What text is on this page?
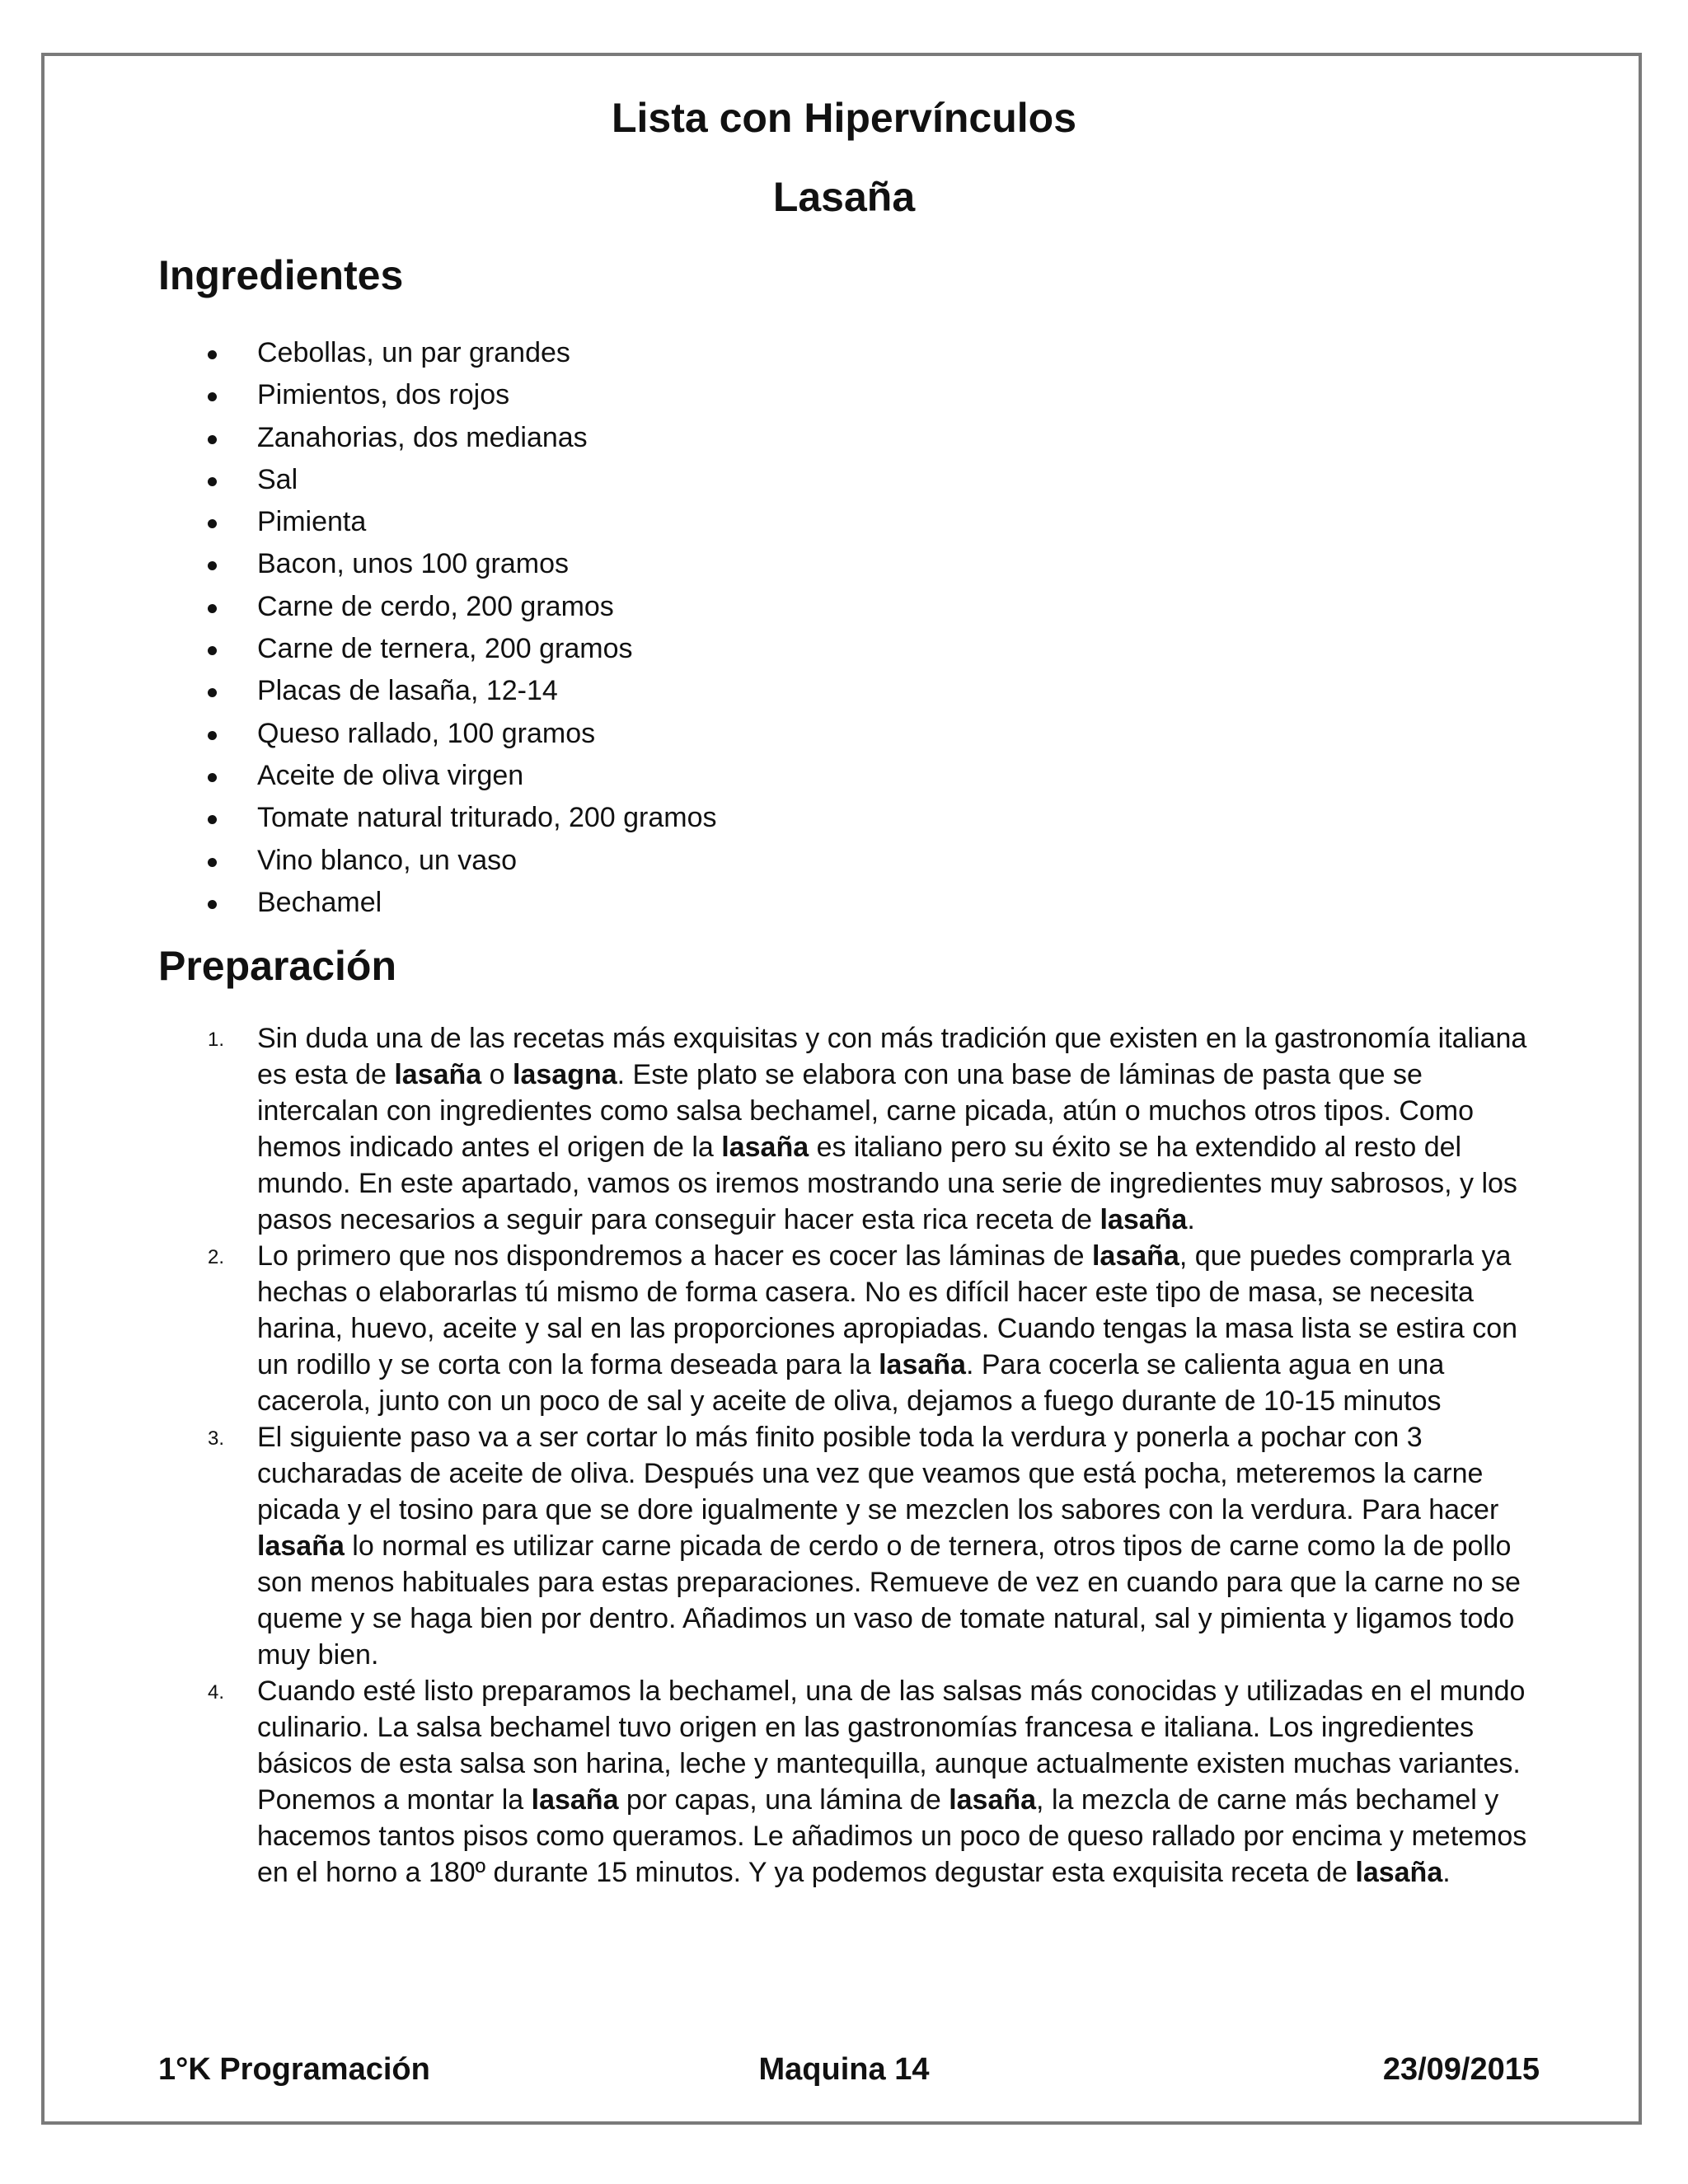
Lista con Hipervínculos
Lasaña
Ingredientes
Cebollas, un par grandes
Pimientos, dos rojos
Zanahorias, dos medianas
Sal
Pimienta
Bacon, unos 100 gramos
Carne de cerdo, 200 gramos
Carne de ternera, 200 gramos
Placas de lasaña, 12-14
Queso rallado, 100 gramos
Aceite de oliva virgen
Tomate natural triturado, 200 gramos
Vino blanco, un vaso
Bechamel
Preparación
1. Sin duda una de las recetas más exquisitas y con más tradición que existen en la gastronomía italiana es esta de lasaña o lasagna. Este plato se elabora con una base de láminas de pasta que se intercalan con ingredientes como salsa bechamel, carne picada, atún o muchos otros tipos. Como hemos indicado antes el origen de la lasaña es italiano pero su éxito se ha extendido al resto del mundo. En este apartado, vamos os iremos mostrando una serie de ingredientes muy sabrosos, y los pasos necesarios a seguir para conseguir hacer esta rica receta de lasaña.
2. Lo primero que nos dispondremos a hacer es cocer las láminas de lasaña, que puedes comprarla ya hechas o elaborarlas tú mismo de forma casera. No es difícil hacer este tipo de masa, se necesita harina, huevo, aceite y sal en las proporciones apropiadas. Cuando tengas la masa lista se estira con un rodillo y se corta con la forma deseada para la lasaña. Para cocerla se calienta agua en una cacerola, junto con un poco de sal y aceite de oliva, dejamos a fuego durante de 10-15 minutos
3. El siguiente paso va a ser cortar lo más finito posible toda la verdura y ponerla a pochar con 3 cucharadas de aceite de oliva. Después una vez que veamos que está pocha, meteremos la carne picada y el tosino para que se dore igualmente y se mezclen los sabores con la verdura. Para hacer lasaña lo normal es utilizar carne picada de cerdo o de ternera, otros tipos de carne como la de pollo son menos habituales para estas preparaciones. Remueve de vez en cuando para que la carne no se queme y se haga bien por dentro. Añadimos un vaso de tomate natural, sal y pimienta y ligamos todo muy bien.
4. Cuando esté listo preparamos la bechamel, una de las salsas más conocidas y utilizadas en el mundo culinario. La salsa bechamel tuvo origen en las gastronomías francesa e italiana. Los ingredientes básicos de esta salsa son harina, leche y mantequilla, aunque actualmente existen muchas variantes. Ponemos a montar la lasaña por capas, una lámina de lasaña, la mezcla de carne más bechamel y hacemos tantos pisos como queramos. Le añadimos un poco de queso rallado por encima y metemos en el horno a 180º durante 15 minutos. Y ya podemos degustar esta exquisita receta de lasaña.

1°K Programación	Maquina 14	23/09/2015
